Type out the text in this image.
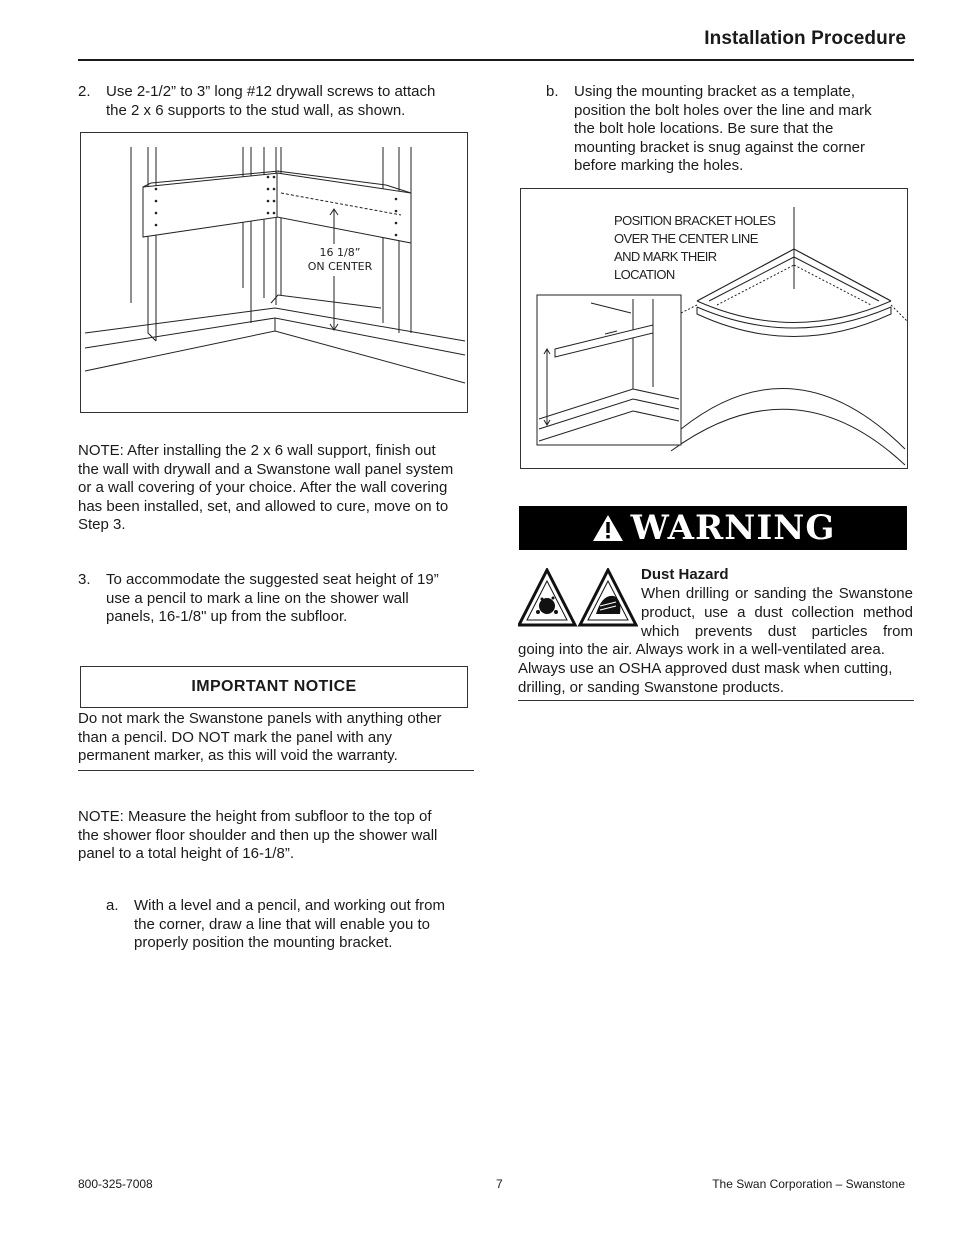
Installation Procedure
2. Use 2-1/2” to 3” long #12 drywall screws to attach
the 2 x 6 supports to the stud wall, as shown.
16 1/8”
ON CENTER
NOTE: After installing the 2 x 6 wall support, finish out
the wall with drywall and a Swanstone wall panel system
or a wall covering of your choice. After the wall covering
has been installed, set, and allowed to cure, move on to
Step 3.
3. To accommodate the suggested seat height of 19”
use a pencil to mark a line on the shower wall
panels, 16-1/8" up from the subfloor.
IMPORTANT NOTICE
Do not mark the Swanstone panels with anything other
than a pencil. DO NOT mark the panel with any
permanent marker, as this will void the warranty.
NOTE: Measure the height from subfloor to the top of
the shower floor shoulder and then up the shower wall
panel to a total height of 16-1/8”.
a. With a level and a pencil, and working out from
the corner, draw a line that will enable you to
properly position the mounting bracket.
b. Using the mounting bracket as a template,
position the bolt holes over the line and mark
the bolt hole locations. Be sure that the
mounting bracket is snug against the corner
before marking the holes.
POSITION BRACKET HOLES
OVER THE CENTER LINE
AND MARK THEIR
LOCATION
WARNING
Dust Hazard
When drilling or sanding the Swanstone
product, use a dust collection method
which prevents dust particles from
going into the air. Always work in a well-ventilated area.
Always use an OSHA approved dust mask when cutting,
drilling, or sanding Swanstone products.
800-325-7008	7	The Swan Corporation – Swanstone
